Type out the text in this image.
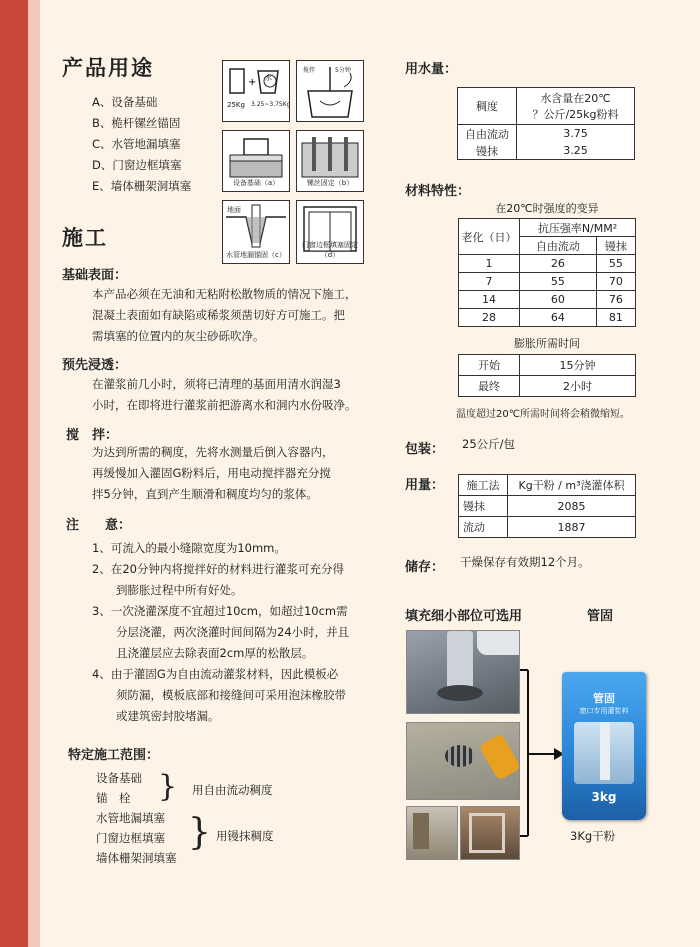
产品用途
A、设备基础
B、桅杆镙丝锚固
C、水管地漏填塞
D、门窗边框填塞
E、墙体栅架洞填塞
+ 水
25Kg 3.25~3.75Kg
搅拌	5分钟
设备基础（a）	镙丝固定（b）
地面
水管地漏锚固（c）
门窗边框填塞固定（d）
施工
基础表面：
本产品必须在无油和无粘附松散物质的情况下施工，
混凝土表面如有缺陷或稀浆须凿切好方可施工。把
需填塞的位置内的灰尘砂砾吹净。
预先浸透：
在灌浆前几小时，须将已清理的基面用清水润湿3
小时，在即将进行灌浆前把游离水和洞内水份吸净。
搅　拌：
为达到所需的稠度，先将水测量后倒入容器内，
再缓慢加入灌固G粉料后，用电动搅拌器充分搅
拌5分钟，直到产生顺滑和稠度均匀的浆体。
注　　意：
1、可流入的最小缝隙宽度为10mm。
2、在20分钟内将搅拌好的材料进行灌浆可充分得
到膨胀过程中所有好处。
3、一次浇灌深度不宜超过10cm，如超过10cm需
分层浇灌，两次浇灌时间间隔为24小时，并且
且浇灌层应去除表面2cm厚的松散层。
4、由于灌固G为自由流动灌浆材料，因此模板必
须防漏，模板底部和接缝间可采用泡沫橡胶带
或建筑密封胶堵漏。
特定施工范围：
设备基础
锚　栓 } 用自由流动稠度
水管地漏填塞
门窗边框填塞
墙体栅架洞填塞
} 用镘抹稠度
用水量：
稠度	水含量在20℃
？公斤/25kg粉料

自由流动	3.75
镘抹	3.25
材料特性：
在20℃时强度的变异
老化（日）	抗压强率N/MM²	
	自由流动	镘抹
1	26	55
7	55	70
14	60	76
28	64	81
膨胀所需时间
开始	15分钟
最终	2小时
温度超过20℃所需时间将会稍微缩短。
包装： 25公斤/包
用量： 施工法	Kg干粉 / m³浇灌体积
镘抹	2085
流动	1887
储存： 干燥保存有效期12个月。
填充细小部位可选用	管固
管固
窗口专用灌浆料
3kg
3Kg干粉
